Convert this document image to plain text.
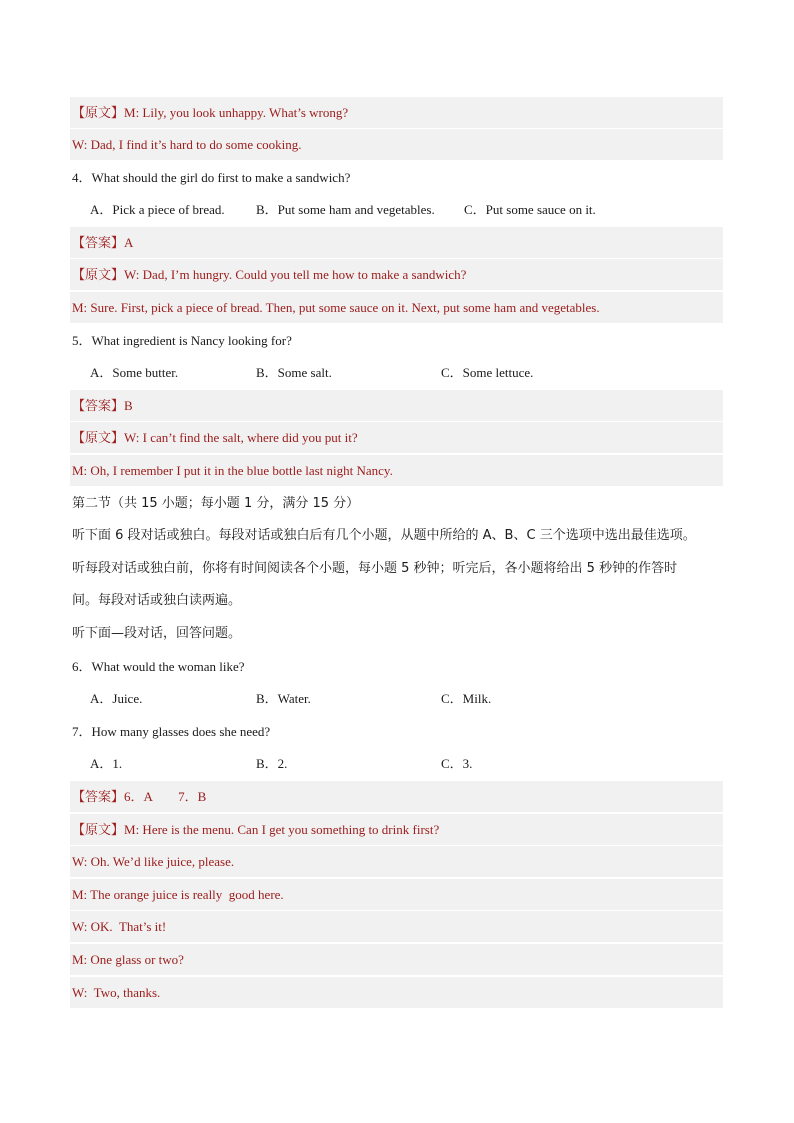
【原文】M: Lily, you look unhappy. What’s wrong?
W: Dad, I find it’s hard to do some cooking.
4．What should the girl do first to make a sandwich?
A．Pick a piece of bread. B．Put some ham and vegetables. C．Put some sauce on it.
【答案】A
【原文】W: Dad, I’m hungry. Could you tell me how to make a sandwich?
M: Sure. First, pick a piece of bread. Then, put some sauce on it. Next, put some ham and vegetables.
5．What ingredient is Nancy looking for?
A．Some butter.	B．Some salt.	C．Some lettuce.
【答案】B
【原文】W: I can’t find the salt, where did you put it?
M: Oh, I remember I put it in the blue bottle last night Nancy.
第二节（共 15 小题；每小题 1 分，满分 15 分）
听下面 6 段对话或独白。每段对话或独白后有几个小题，从题中所给的 A、B、C 三个选项中选出最佳选项。
听每段对话或独白前，你将有时间阅读各个小题，每小题 5 秒钟；听完后，各小题将给出 5 秒钟的作答时
间。每段对话或独白读两遍。
听下面—段对话，回答问题。
6．What would the woman like?
A．Juice.	B．Water.	C．Milk.
7．How many glasses does she need?
A．1.	B．2.	C．3.
【答案】6．A        7．B
【原文】M: Here is the menu. Can I get you something to drink first?
W: Oh. We’d like juice, please.
M: The orange juice is really  good here.
W: OK.  That’s it!
M: One glass or two?
W:  Two, thanks.
